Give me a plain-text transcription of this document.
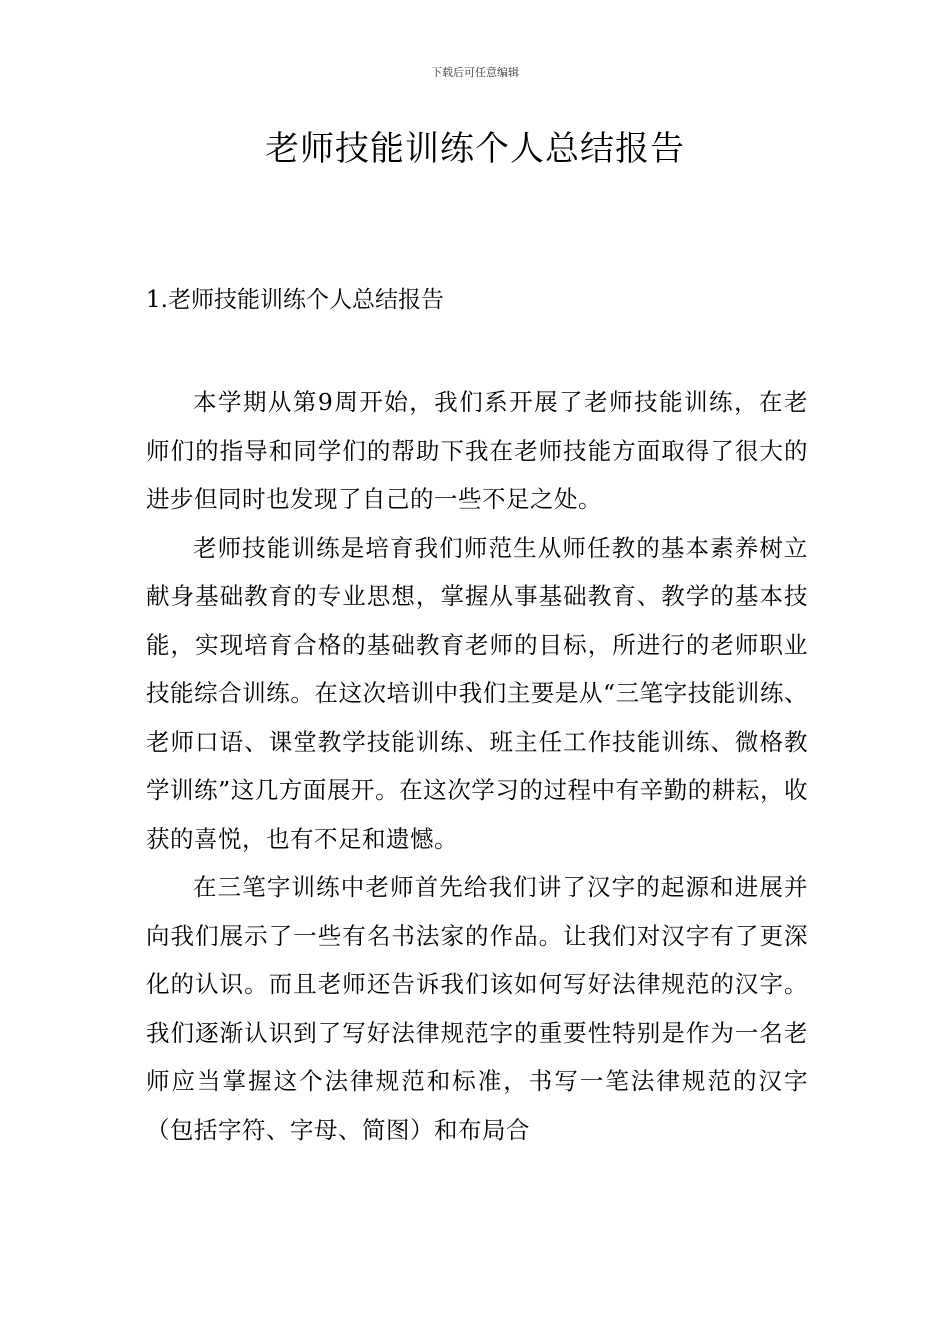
下载后可任意编辑
老师技能训练个人总结报告
1.老师技能训练个人总结报告

本学期从第9周开始，我们系开展了老师技能训练，在老师们的指导和同学们的帮助下我在老师技能方面取得了很大的进步但同时也发现了自己的一些不足之处。

老师技能训练是培育我们师范生从师任教的基本素养树立献身基础教育的专业思想，掌握从事基础教育、教学的基本技能，实现培育合格的基础教育老师的目标，所进行的老师职业技能综合训练。在这次培训中我们主要是从“三笔字技能训练、老师口语、课堂教学技能训练、班主任工作技能训练、微格教学训练”这几方面展开。在这次学习的过程中有辛勤的耕耘，收获的喜悦，也有不足和遗憾。

在三笔字训练中老师首先给我们讲了汉字的起源和进展并向我们展示了一些有名书法家的作品。让我们对汉字有了更深化的认识。而且老师还告诉我们该如何写好法律规范的汉字。我们逐渐认识到了写好法律规范字的重要性特别是作为一名老师应当掌握这个法律规范和标准，书写一笔法律规范的汉字（包括字符、字母、简图）和布局合
